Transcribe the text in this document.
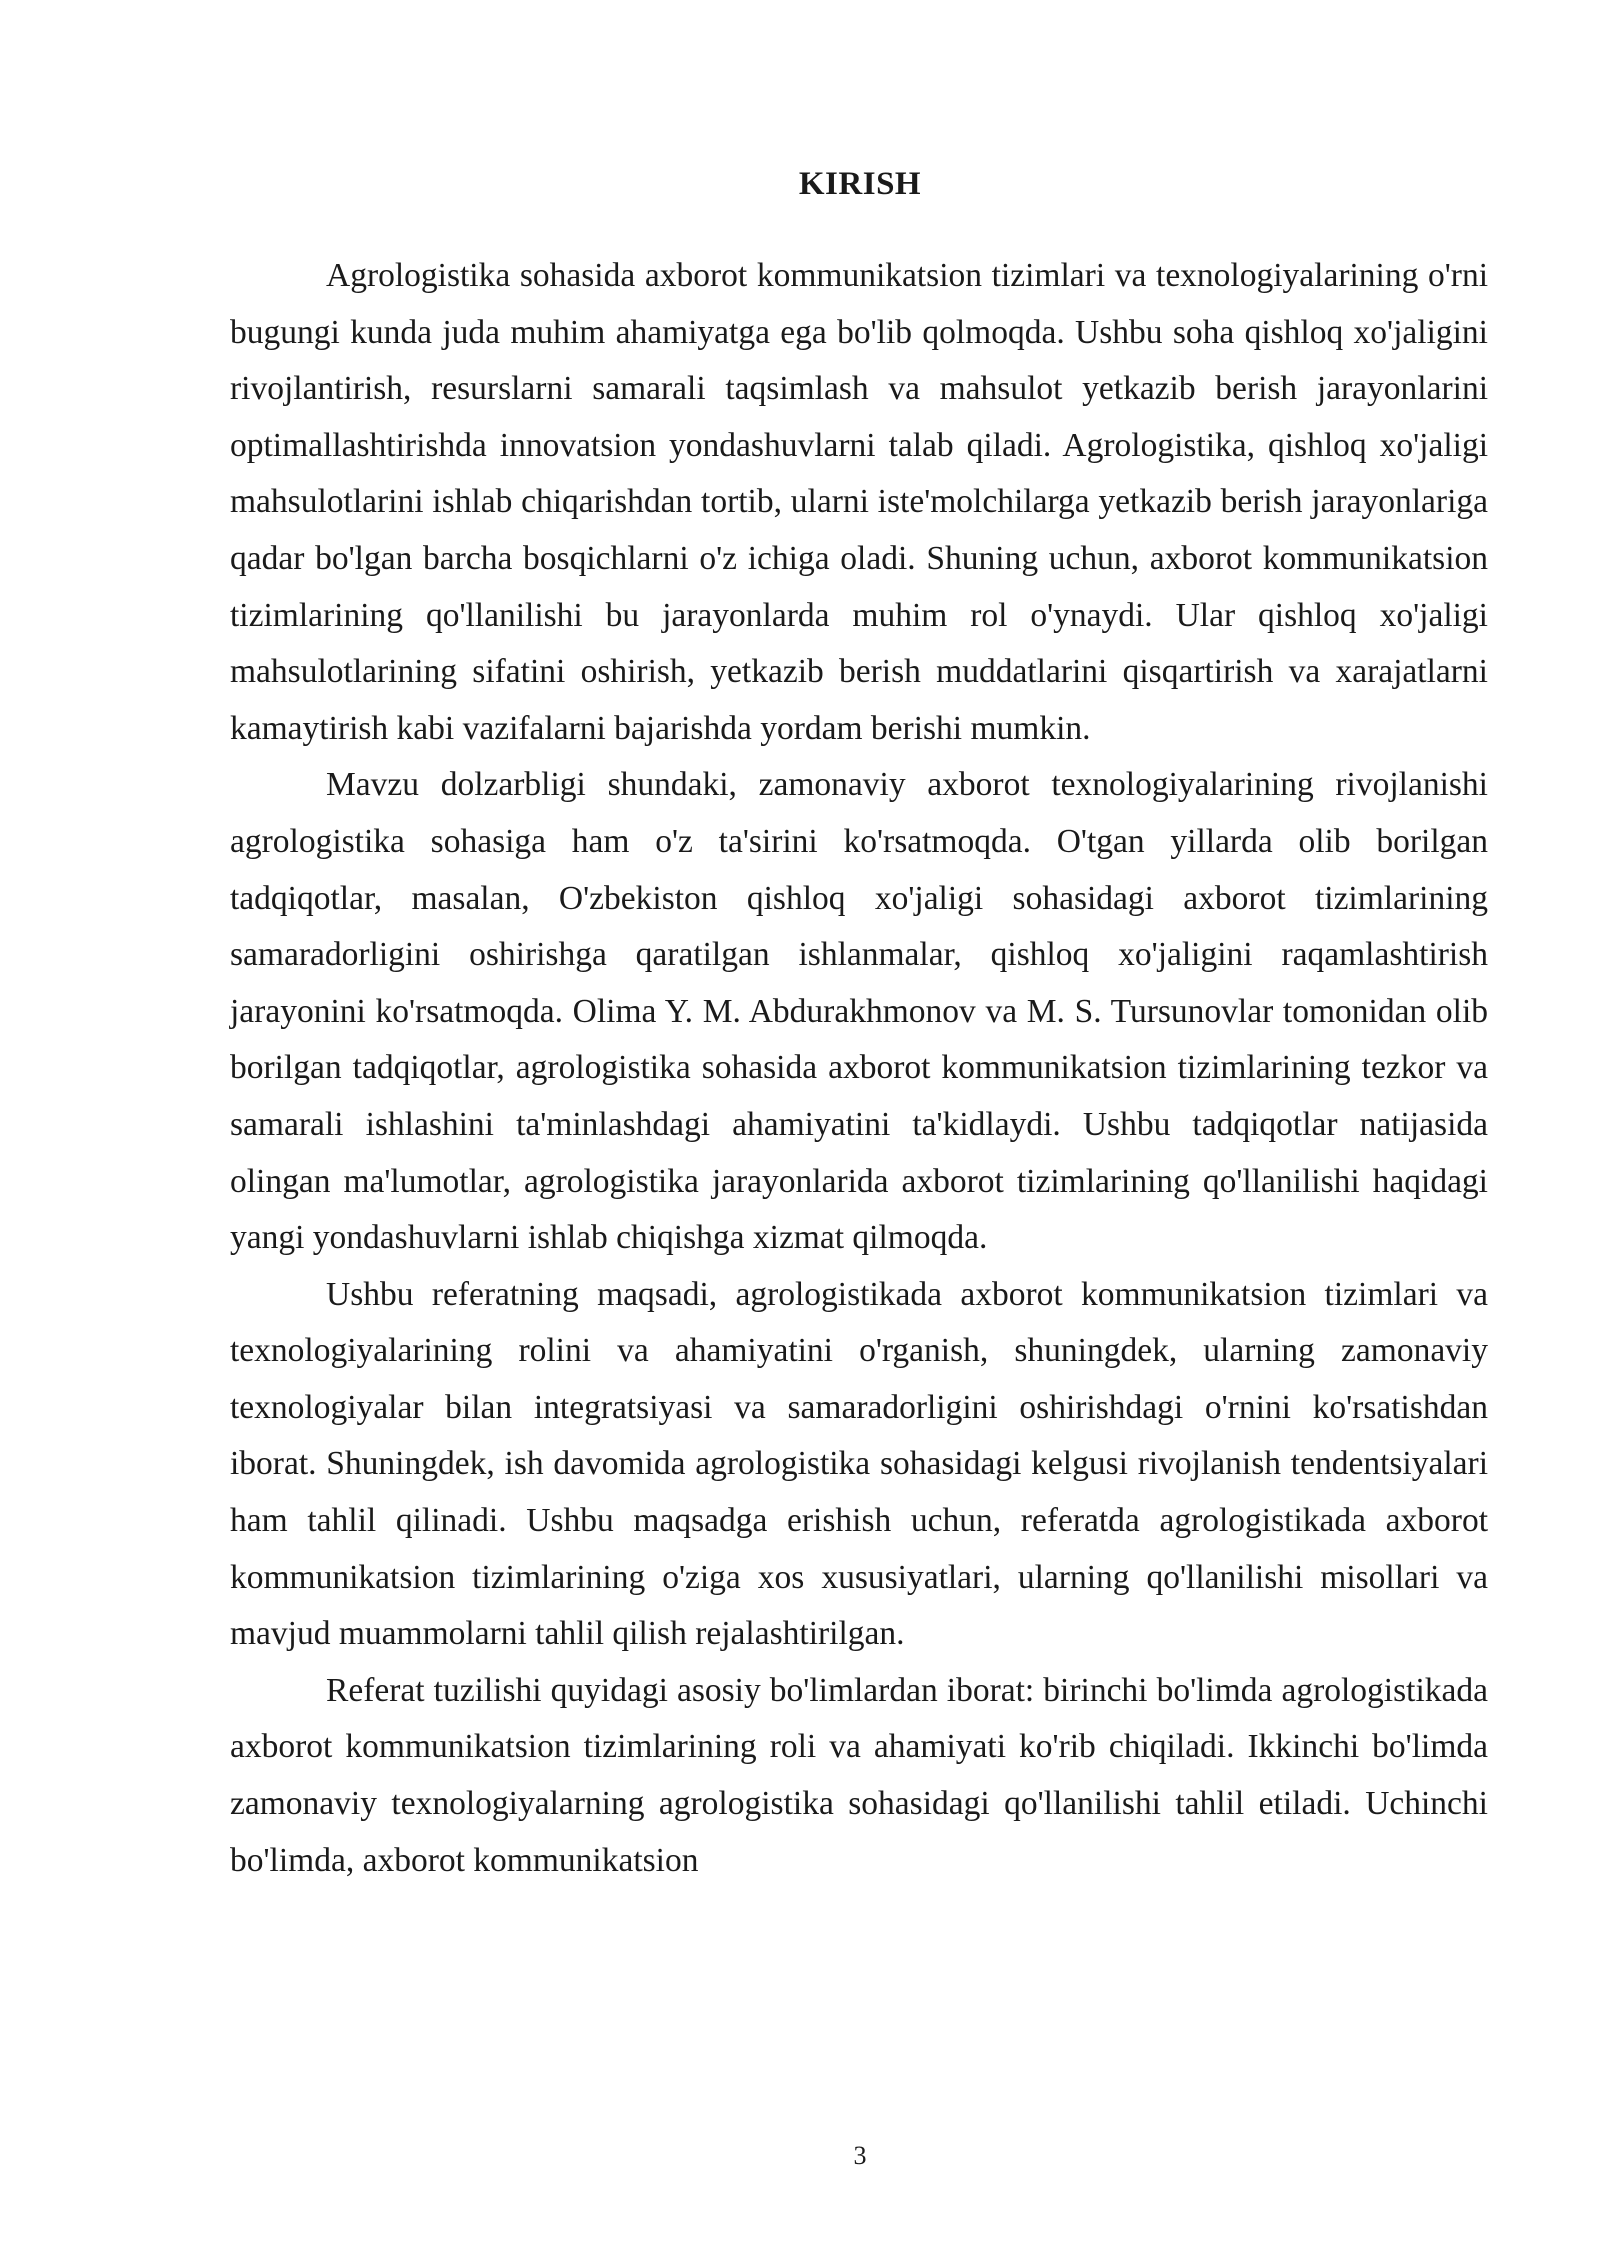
KIRISH

Agrologistika sohasida axborot kommunikatsion tizimlari va texnologiyalarining o'rni bugungi kunda juda muhim ahamiyatga ega bo'lib qolmoqda. Ushbu soha qishloq xo'jaligini rivojlantirish, resurslarni samarali taqsimlash va mahsulot yetkazib berish jarayonlarini optimallashtirishda innovatsion yondashuvlarni talab qiladi. Agrologistika, qishloq xo'jaligi mahsulotlarini ishlab chiqarishdan tortib, ularni iste'molchilarga yetkazib berish jarayonlariga qadar bo'lgan barcha bosqichlarni o'z ichiga oladi. Shuning uchun, axborot kommunikatsion tizimlarining qo'llanilishi bu jarayonlarda muhim rol o'ynaydi. Ular qishloq xo'jaligi mahsulotlarining sifatini oshirish, yetkazib berish muddatlarini qisqartirish va xarajatlarni kamaytirish kabi vazifalarni bajarishda yordam berishi mumkin.

Mavzu dolzarbligi shundaki, zamonaviy axborot texnologiyalarining rivojlanishi agrologistika sohasiga ham o'z ta'sirini ko'rsatmoqda. O'tgan yillarda olib borilgan tadqiqotlar, masalan, O'zbekiston qishloq xo'jaligi sohasidagi axborot tizimlarining samaradorligini oshirishga qaratilgan ishlanmalar, qishloq xo'jaligini raqamlashtirish jarayonini ko'rsatmoqda. Olima Y. M. Abdurakhmonov va M. S. Tursunovlar tomonidan olib borilgan tadqiqotlar, agrologistika sohasida axborot kommunikatsion tizimlarining tezkor va samarali ishlashini ta'minlashdagi ahamiyatini ta'kidlaydi. Ushbu tadqiqotlar natijasida olingan ma'lumotlar, agrologistika jarayonlarida axborot tizimlarining qo'llanilishi haqidagi yangi yondashuvlarni ishlab chiqishga xizmat qilmoqda.

Ushbu referatning maqsadi, agrologistikada axborot kommunikatsion tizimlari va texnologiyalarining rolini va ahamiyatini o'rganish, shuningdek, ularning zamonaviy texnologiyalar bilan integratsiyasi va samaradorligini oshirishdagi o'rnini ko'rsatishdan iborat. Shuningdek, ish davomida agrologistika sohasidagi kelgusi rivojlanish tendentsiyalari ham tahlil qilinadi. Ushbu maqsadga erishish uchun, referatda agrologistikada axborot kommunikatsion tizimlarining o'ziga xos xususiyatlari, ularning qo'llanilishi misollari va mavjud muammolarni tahlil qilish rejalashtirilgan.

Referat tuzilishi quyidagi asosiy bo'limlardan iborat: birinchi bo'limda agrologistikada axborot kommunikatsion tizimlarining roli va ahamiyati ko'rib chiqiladi. Ikkinchi bo'limda zamonaviy texnologiyalarning agrologistika sohasidagi qo'llanilishi tahlil etiladi. Uchinchi bo'limda, axborot kommunikatsion

3
